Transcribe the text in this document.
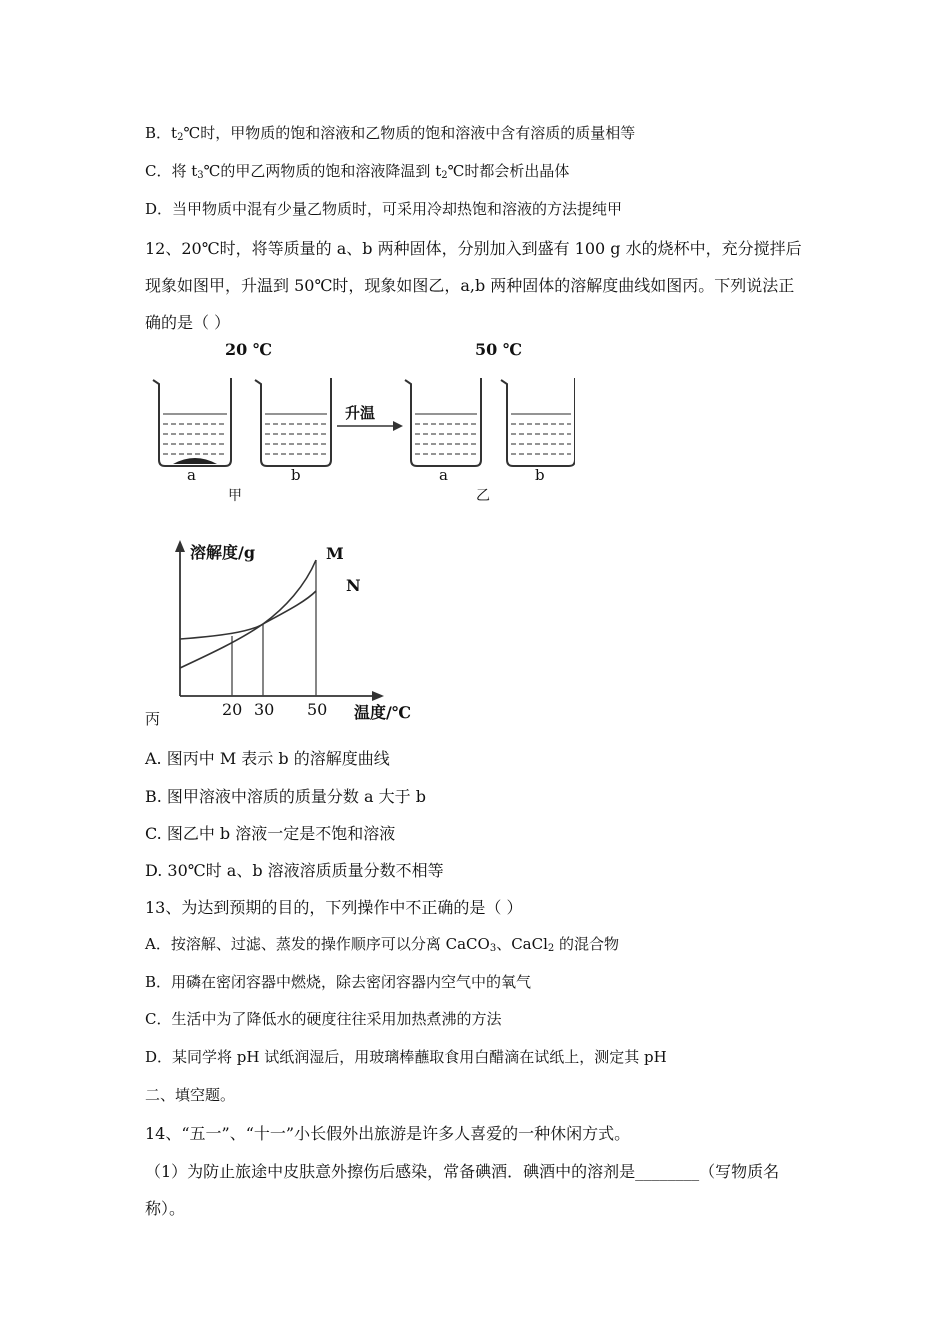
B．$t_2℃$时，甲物质的饱和溶液和乙物质的饱和溶液中含有溶质的质量相等
C．将 $t_3℃$的甲乙两物质的饱和溶液降温到 $t_2℃$时都会析出晶体
D．当甲物质中混有少量乙物质时，可采用冷却热饱和溶液的方法提纯甲
12、20℃时，将等质量的 a、b 两种固体，分别加入到盛有 100 g 水的烧杯中，充分搅拌后
现象如图甲，升温到 50℃时，现象如图乙，a,b 两种固体的溶解度曲线如图丙。下列说法正
确的是（ ）
20 ℃	50 ℃
升温
a	b	a	b
甲	乙
溶解度/g	M
N
20 30 50 温度/℃
丙
A. 图丙中 M 表示 b 的溶解度曲线
B. 图甲溶液中溶质的质量分数 a 大于 b
C. 图乙中 b 溶液一定是不饱和溶液
D. 30℃时 a、b 溶液溶质质量分数不相等
13、为达到预期的目的，下列操作中不正确的是（ ）
A．按溶解、过滤、蒸发的操作顺序可以分离 CaCO$_3$、CaCl$_2$ 的混合物
B．用磷在密闭容器中燃烧，除去密闭容器内空气中的氧气
C．生活中为了降低水的硬度往往采用加热煮沸的方法
D．某同学将 pH 试纸润湿后，用玻璃棒蘸取食用白醋滴在试纸上，测定其 pH
二、填空题。
14、“五一”、“十一”小长假外出旅游是许多人喜爱的一种休闲方式。
（1）为防止旅途中皮肤意外擦伤后感染，常备碘酒．碘酒中的溶剂是________（写物质名
称）。
